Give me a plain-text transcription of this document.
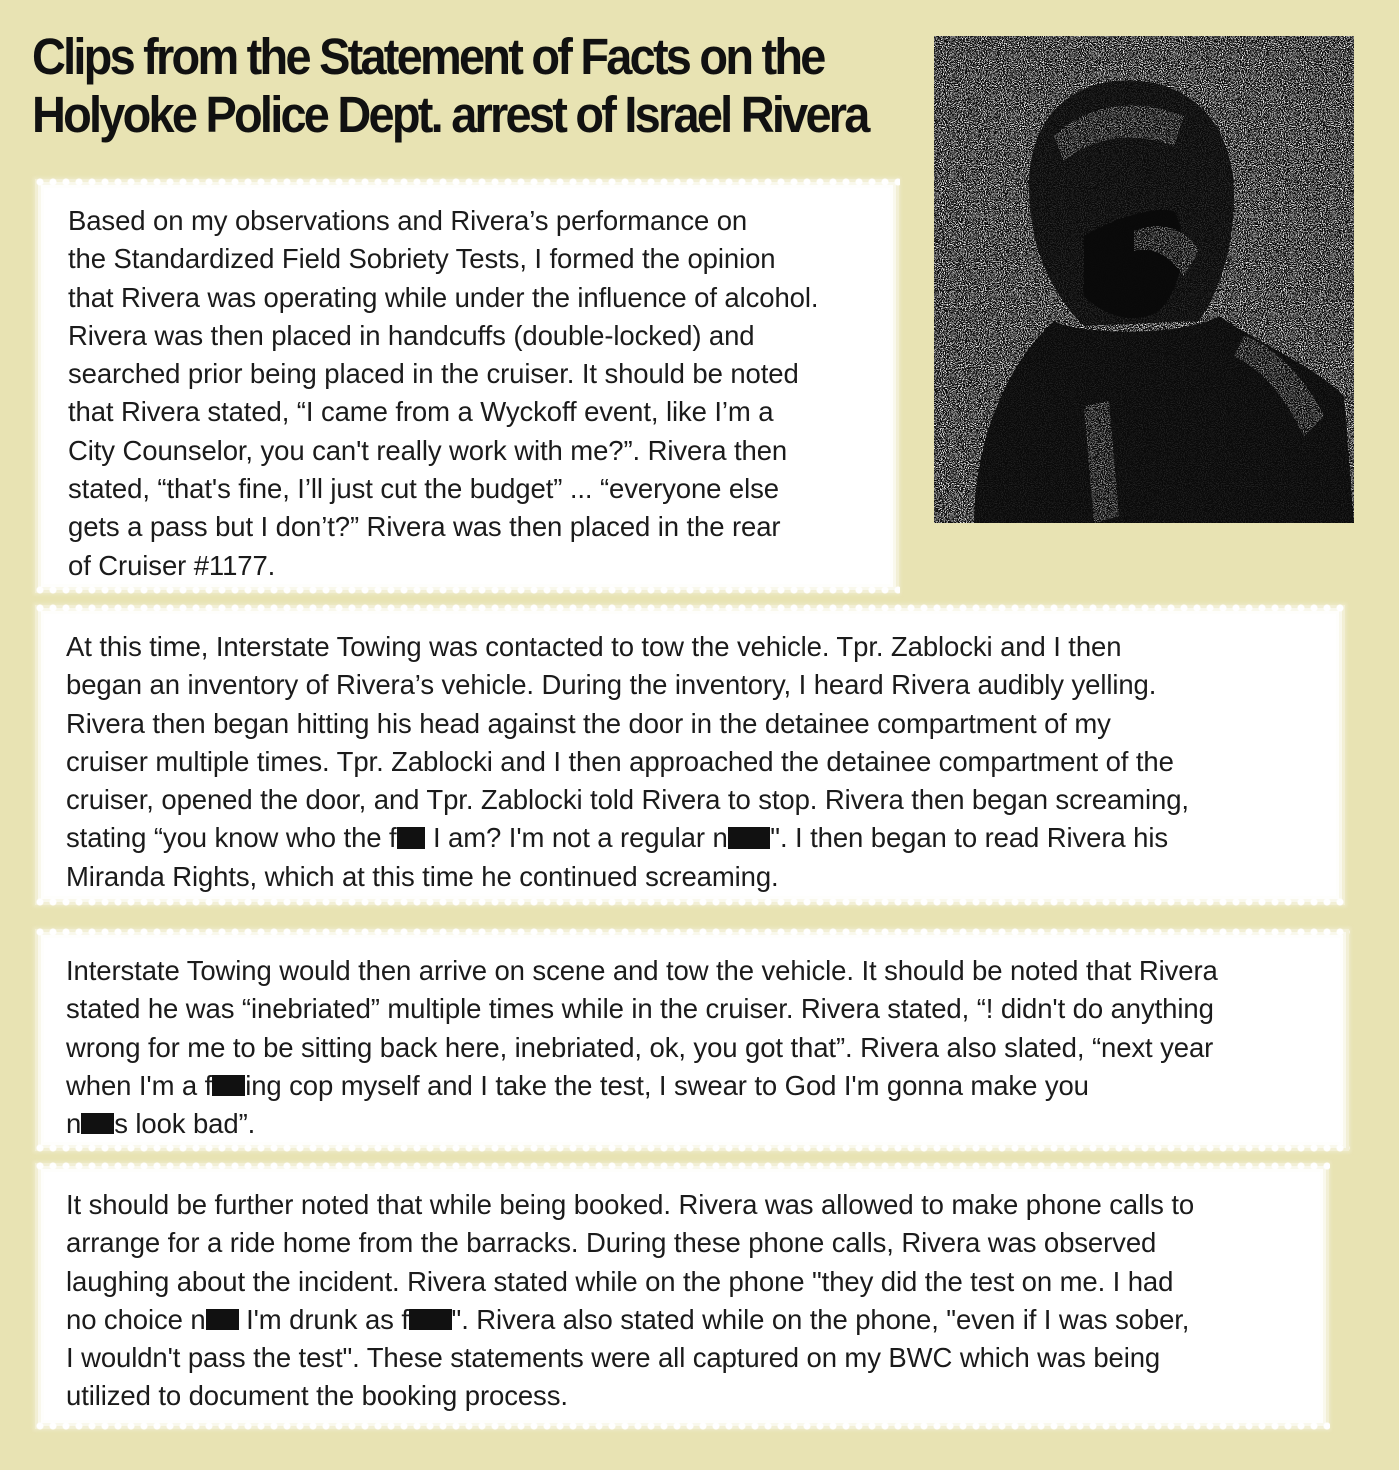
Clips from the Statement of Facts on the
Holyoke Police Dept. arrest of Israel Rivera

Based on my observations and Rivera’s performance on
the Standardized Field Sobriety Tests, I formed the opinion
that Rivera was operating while under the influence of alcohol.
Rivera was then placed in handcuffs (double-locked) and
searched prior being placed in the cruiser. It should be noted
that Rivera stated, “I came from a Wyckoff event, like I’m a
City Counselor, you can't really work with me?”. Rivera then
stated, “that's fine, I’ll just cut the budget” ... “everyone else
gets a pass but I don’t?” Rivera was then placed in the rear
of Cruiser #1177.

At this time, Interstate Towing was contacted to tow the vehicle. Tpr. Zablocki and I then
began an inventory of Rivera’s vehicle. During the inventory, I heard Rivera audibly yelling.
Rivera then began hitting his head against the door in the detainee compartment of my
cruiser multiple times. Tpr. Zablocki and I then approached the detainee compartment of the
cruiser, opened the door, and Tpr. Zablocki told Rivera to stop. Rivera then began screaming,
stating “you know who the f I am? I'm not a regular n ". I then began to read Rivera his
Miranda Rights, which at this time he continued screaming.

Interstate Towing would then arrive on scene and tow the vehicle. It should be noted that Rivera
stated he was “inebriated” multiple times while in the cruiser. Rivera stated, “! didn't do anything
wrong for me to be sitting back here, inebriated, ok, you got that”. Rivera also slated, “next year
when I'm a f ing cop myself and I take the test, I swear to God I'm gonna make you
n s look bad”.

It should be further noted that while being booked. Rivera was allowed to make phone calls to
arrange for a ride home from the barracks. During these phone calls, Rivera was observed
laughing about the incident. Rivera stated while on the phone "they did the test on me. I had
no choice n I'm drunk as f ". Rivera also stated while on the phone, "even if I was sober,
I wouldn't pass the test". These statements were all captured on my BWC which was being
utilized to document the booking process.
